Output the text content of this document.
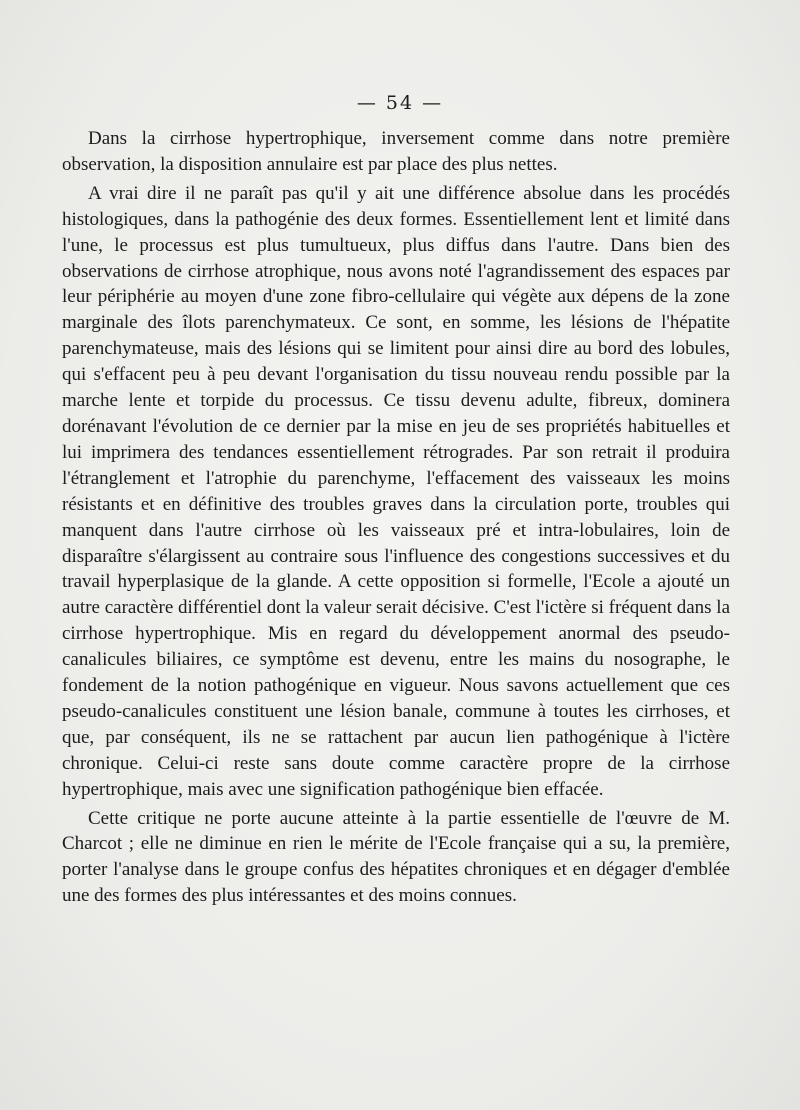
— 54 —

Dans la cirrhose hypertrophique, inversement comme dans notre première observation, la disposition annulaire est par place des plus nettes.

A vrai dire il ne paraît pas qu'il y ait une différence absolue dans les procédés histologiques, dans la pathogénie des deux formes. Essentiellement lent et limité dans l'une, le processus est plus tumultueux, plus diffus dans l'autre. Dans bien des observations de cirrhose atrophique, nous avons noté l'agrandissement des espaces par leur périphérie au moyen d'une zone fibro-cellulaire qui végète aux dépens de la zone marginale des îlots parenchymateux. Ce sont, en somme, les lésions de l'hépatite parenchymateuse, mais des lésions qui se limitent pour ainsi dire au bord des lobules, qui s'effacent peu à peu devant l'organisation du tissu nouveau rendu possible par la marche lente et torpide du processus. Ce tissu devenu adulte, fibreux, dominera dorénavant l'évolution de ce dernier par la mise en jeu de ses propriétés habituelles et lui imprimera des tendances essentiellement rétrogrades. Par son retrait il produira l'étranglement et l'atrophie du parenchyme, l'effacement des vaisseaux les moins résistants et en définitive des troubles graves dans la circulation porte, troubles qui manquent dans l'autre cirrhose où les vaisseaux pré et intra-lobulaires, loin de disparaître s'élargissent au contraire sous l'influence des congestions successives et du travail hyperplasique de la glande. A cette opposition si formelle, l'Ecole a ajouté un autre caractère différentiel dont la valeur serait décisive. C'est l'ictère si fréquent dans la cirrhose hypertrophique. Mis en regard du développement anormal des pseudo-canalicules biliaires, ce symptôme est devenu, entre les mains du nosographe, le fondement de la notion pathogénique en vigueur. Nous savons actuellement que ces pseudo-canalicules constituent une lésion banale, commune à toutes les cirrhoses, et que, par conséquent, ils ne se rattachent par aucun lien pathogénique à l'ictère chronique. Celui-ci reste sans doute comme caractère propre de la cirrhose hypertrophique, mais avec une signification pathogénique bien effacée.

Cette critique ne porte aucune atteinte à la partie essentielle de l'œuvre de M. Charcot ; elle ne diminue en rien le mérite de l'Ecole française qui a su, la première, porter l'analyse dans le groupe confus des hépatites chroniques et en dégager d'emblée une des formes des plus intéressantes et des moins connues.
